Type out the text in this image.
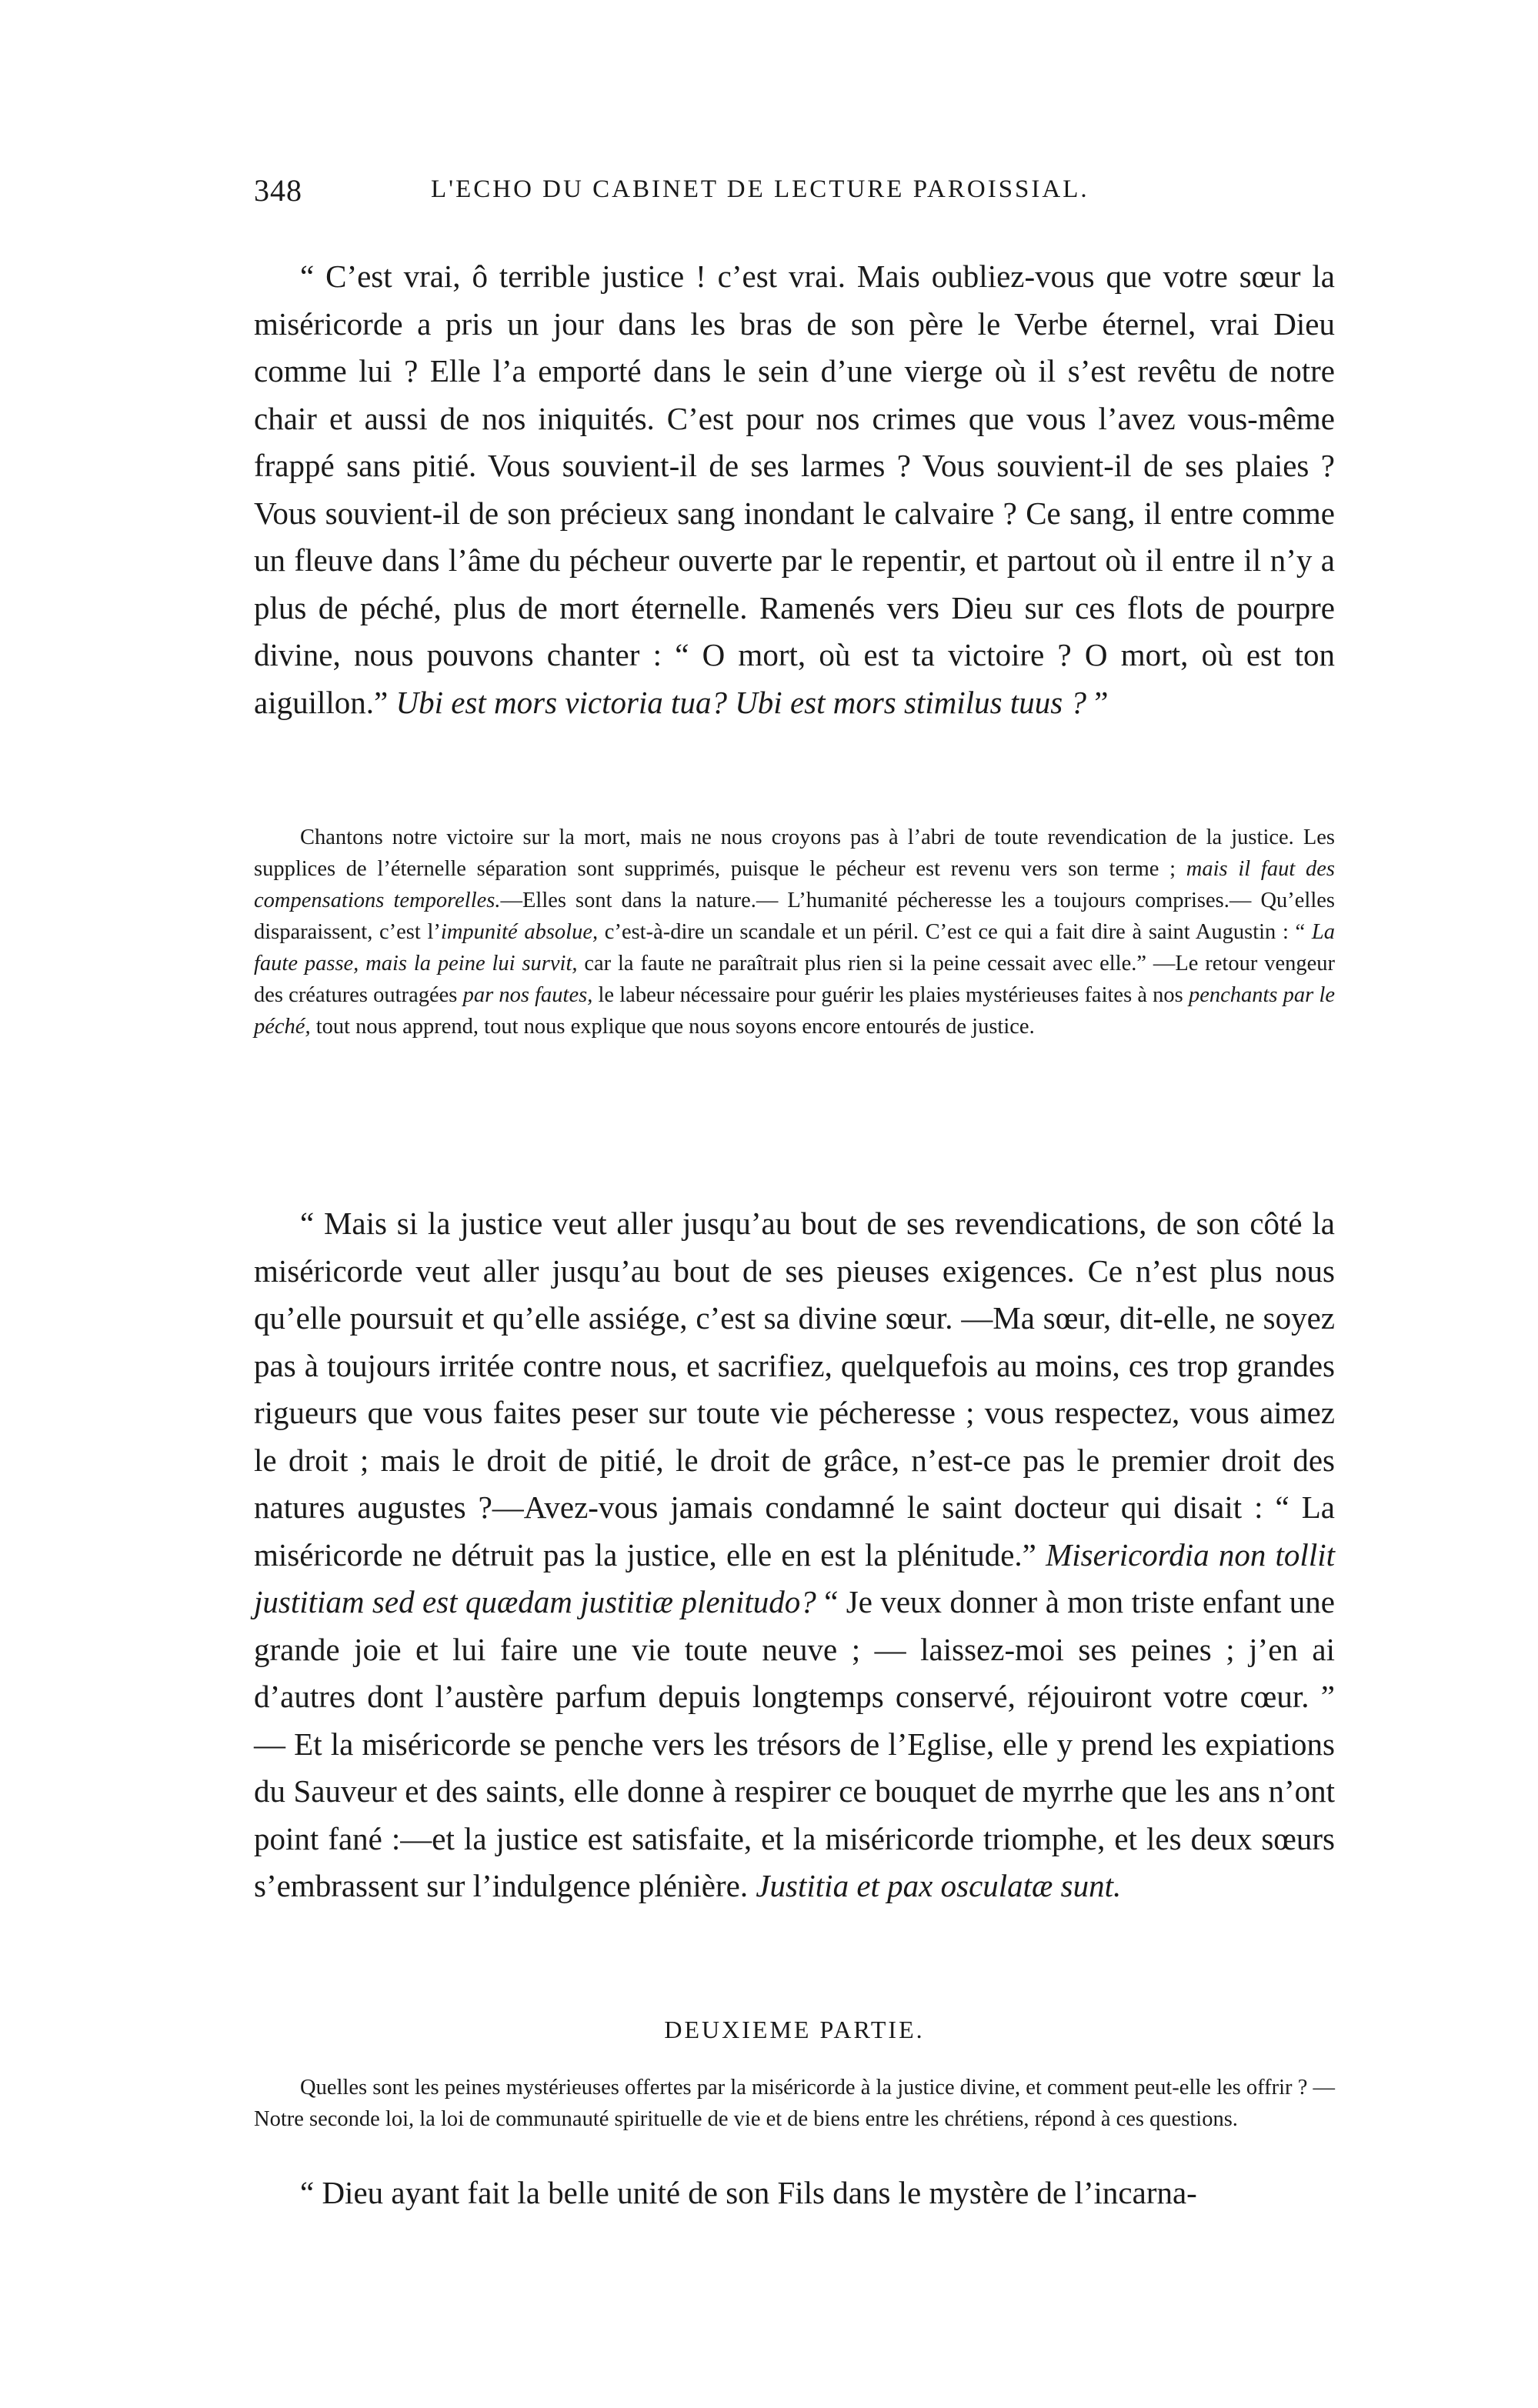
348	L'ECHO DU CABINET DE LECTURE PAROISSIAL.

“ C’est vrai, ô terrible justice ! c’est vrai. Mais oubliez-vous que votre sœur la miséricorde a pris un jour dans les bras de son père le Verbe éternel, vrai Dieu comme lui ? Elle l’a emporté dans le sein d’une vierge où il s’est revêtu de notre chair et aussi de nos iniquités. C’est pour nos crimes que vous l’avez vous-même frappé sans pitié. Vous souvient-il de ses larmes ? Vous souvient-il de ses plaies ? Vous souvient-il de son précieux sang inondant le calvaire ? Ce sang, il entre comme un fleuve dans l’âme du pécheur ouverte par le repentir, et partout où il entre il n’y a plus de péché, plus de mort éternelle. Ramenés vers Dieu sur ces flots de pourpre divine, nous pouvons chanter : “ O mort, où est ta victoire ? O mort, où est ton aiguillon.” Ubi est mors victoria tua? Ubi est mors stimilus tuus ? ”

Chantons notre victoire sur la mort, mais ne nous croyons pas à l’abri de toute revendication de la justice. Les supplices de l’éternelle séparation sont supprimés, puisque le pécheur est revenu vers son terme ; mais il faut des compensations temporelles.—Elles sont dans la nature.— L’humanité pécheresse les a toujours comprises.— Qu’elles disparaissent, c’est l’impunité absolue, c’est-à-dire un scandale et un péril. C’est ce qui a fait dire à saint Augustin : “ La faute passe, mais la peine lui survit, car la faute ne paraîtrait plus rien si la peine cessait avec elle.” —Le retour vengeur des créatures outragées par nos fautes, le labeur nécessaire pour guérir les plaies mystérieuses faites à nos penchants par le péché, tout nous apprend, tout nous explique que nous soyons encore entourés de justice.

“ Mais si la justice veut aller jusqu’au bout de ses revendications, de son côté la miséricorde veut aller jusqu’au bout de ses pieuses exigences. Ce n’est plus nous qu’elle poursuit et qu’elle assiége, c’est sa divine sœur. —Ma sœur, dit-elle, ne soyez pas à toujours irritée contre nous, et sacrifiez, quelquefois au moins, ces trop grandes rigueurs que vous faites peser sur toute vie pécheresse ; vous respectez, vous aimez le droit ; mais le droit de pitié, le droit de grâce, n’est-ce pas le premier droit des natures augustes ?—Avez-vous jamais condamné le saint docteur qui disait : “ La miséricorde ne détruit pas la justice, elle en est la plénitude.” Misericordia non tollit justitiam sed est quædam justitiæ plenitudo? “ Je veux donner à mon triste enfant une grande joie et lui faire une vie toute neuve ; — laissez-moi ses peines ; j’en ai d’autres dont l’austère parfum depuis longtemps conservé, réjouiront votre cœur. ” — Et la miséricorde se penche vers les trésors de l’Eglise, elle y prend les expiations du Sauveur et des saints, elle donne à respirer ce bouquet de myrrhe que les ans n’ont point fané :—et la justice est satisfaite, et la miséricorde triomphe, et les deux sœurs s’embrassent sur l’indulgence plénière. Justitia et pax osculatæ sunt.

DEUXIEME PARTIE.

Quelles sont les peines mystérieuses offertes par la miséricorde à la justice divine, et comment peut-elle les offrir ? — Notre seconde loi, la loi de communauté spirituelle de vie et de biens entre les chrétiens, répond à ces questions.

“ Dieu ayant fait la belle unité de son Fils dans le mystère de l’incarna-
